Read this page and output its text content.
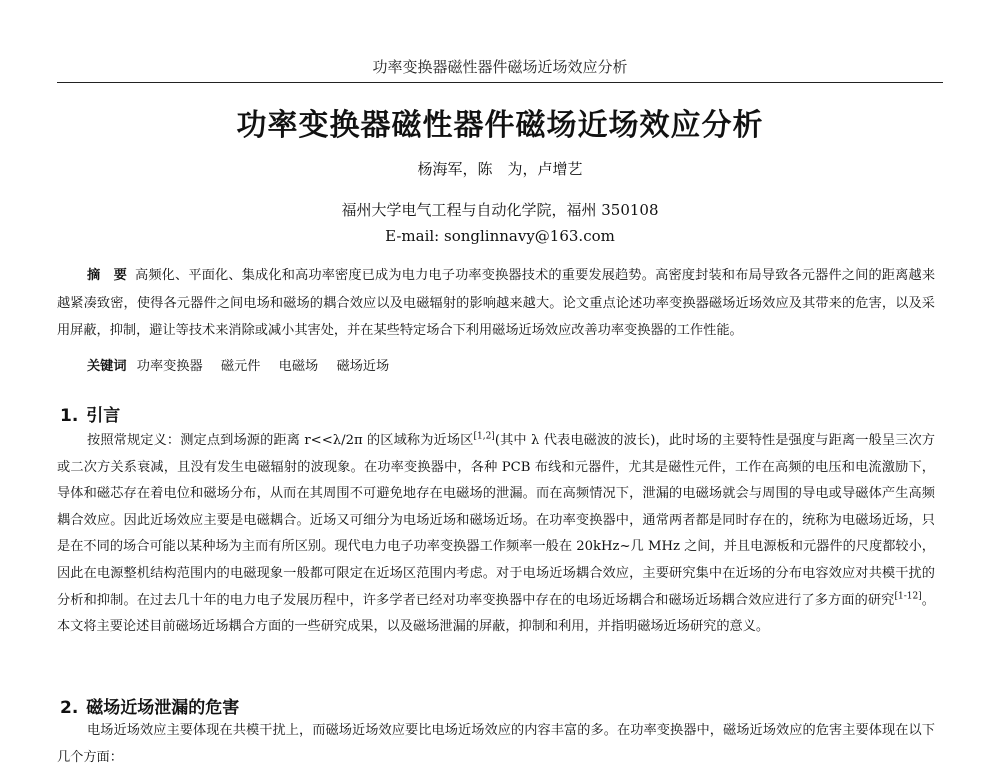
功率变换器磁性器件磁场近场效应分析
功率变换器磁性器件磁场近场效应分析
杨海军，陈　为，卢增艺
福州大学电气工程与自动化学院，福州 350108
E-mail: songlinnavy@163.com
摘　要 高频化、平面化、集成化和高功率密度已成为电力电子功率变换器技术的重要发展趋势。高密度封装和布局导致各元器件之间的距离越来越紧凑致密，使得各元器件之间电场和磁场的耦合效应以及电磁辐射的影响越来越大。论文重点论述功率变换器磁场近场效应及其带来的危害，以及采用屏蔽，抑制，避让等技术来消除或减小其害处，并在某些特定场合下利用磁场近场效应改善功率变换器的工作性能。
关键词 功率变换器 磁元件 电磁场 磁场近场
1. 引言
按照常规定义：测定点到场源的距离 r<<λ/2π 的区域称为近场区[1,2](其中 λ 代表电磁波的波长)，此时场的主要特性是强度与距离一般呈三次方或二次方关系衰减，且没有发生电磁辐射的波现象。在功率变换器中，各种 PCB 布线和元器件，尤其是磁性元件，工作在高频的电压和电流激励下，导体和磁芯存在着电位和磁场分布，从而在其周围不可避免地存在电磁场的泄漏。而在高频情况下，泄漏的电磁场就会与周围的导电或导磁体产生高频耦合效应。因此近场效应主要是电磁耦合。近场又可细分为电场近场和磁场近场。在功率变换器中，通常两者都是同时存在的，统称为电磁场近场，只是在不同的场合可能以某种场为主而有所区别。现代电力电子功率变换器工作频率一般在 20kHz~几 MHz 之间，并且电源板和元器件的尺度都较小，因此在电源整机结构范围内的电磁现象一般都可限定在近场区范围内考虑。对于电场近场耦合效应，主要研究集中在近场的分布电容效应对共模干扰的分析和抑制。在过去几十年的电力电子发展历程中，许多学者已经对功率变换器中存在的电场近场耦合和磁场近场耦合效应进行了多方面的研究[1-12]。本文将主要论述目前磁场近场耦合方面的一些研究成果，以及磁场泄漏的屏蔽，抑制和利用，并指明磁场近场研究的意义。
2. 磁场近场泄漏的危害
电场近场效应主要体现在共模干扰上，而磁场近场效应要比电场近场效应的内容丰富的多。在功率变换器中，磁场近场效应的危害主要体现在以下几个方面：
